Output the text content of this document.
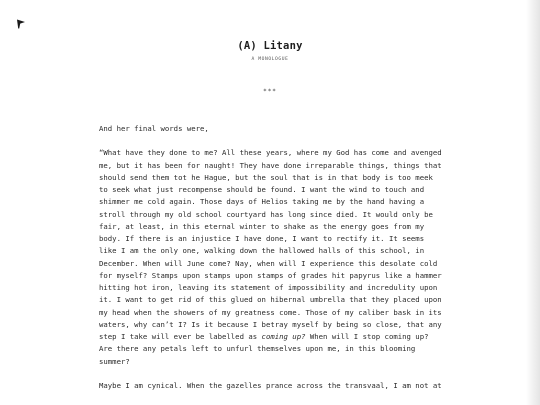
(A) Litany
A MONOLOGUE
***

And her final words were,

“What have they done to me? All these years, where my God has come and avenged me, but it has been for naught! They have done irreparable things, things that should send them tot he Hague, but the soul that is in that body is too meek to seek what just recompense should be found. I want the wind to touch and shimmer me cold again. Those days of Helios taking me by the hand having a stroll through my old school courtyard has long since died. It would only be fair, at least, in this eternal winter to shake as the energy goes from my body. If there is an injustice I have done, I want to rectify it. It seems like I am the only one, walking down the hallowed halls of this school, in December. When will June come? Nay, when will I experience this desolate cold for myself? Stamps upon stamps upon stamps of grades hit papyrus like a hammer hitting hot iron, leaving its statement of impossibility and incredulity upon it. I want to get rid of this glued on hibernal umbrella that they placed upon my head when the showers of my greatness come. Those of my caliber bask in its waters, why can’t I? Is it because I betray myself by being so close, that any step I take will ever be labelled as coming up? When will I stop coming up? Are there any petals left to unfurl themselves upon me, in this blooming summer?

Maybe I am cynical. When the gazelles prance across the transvaal, I am not at
